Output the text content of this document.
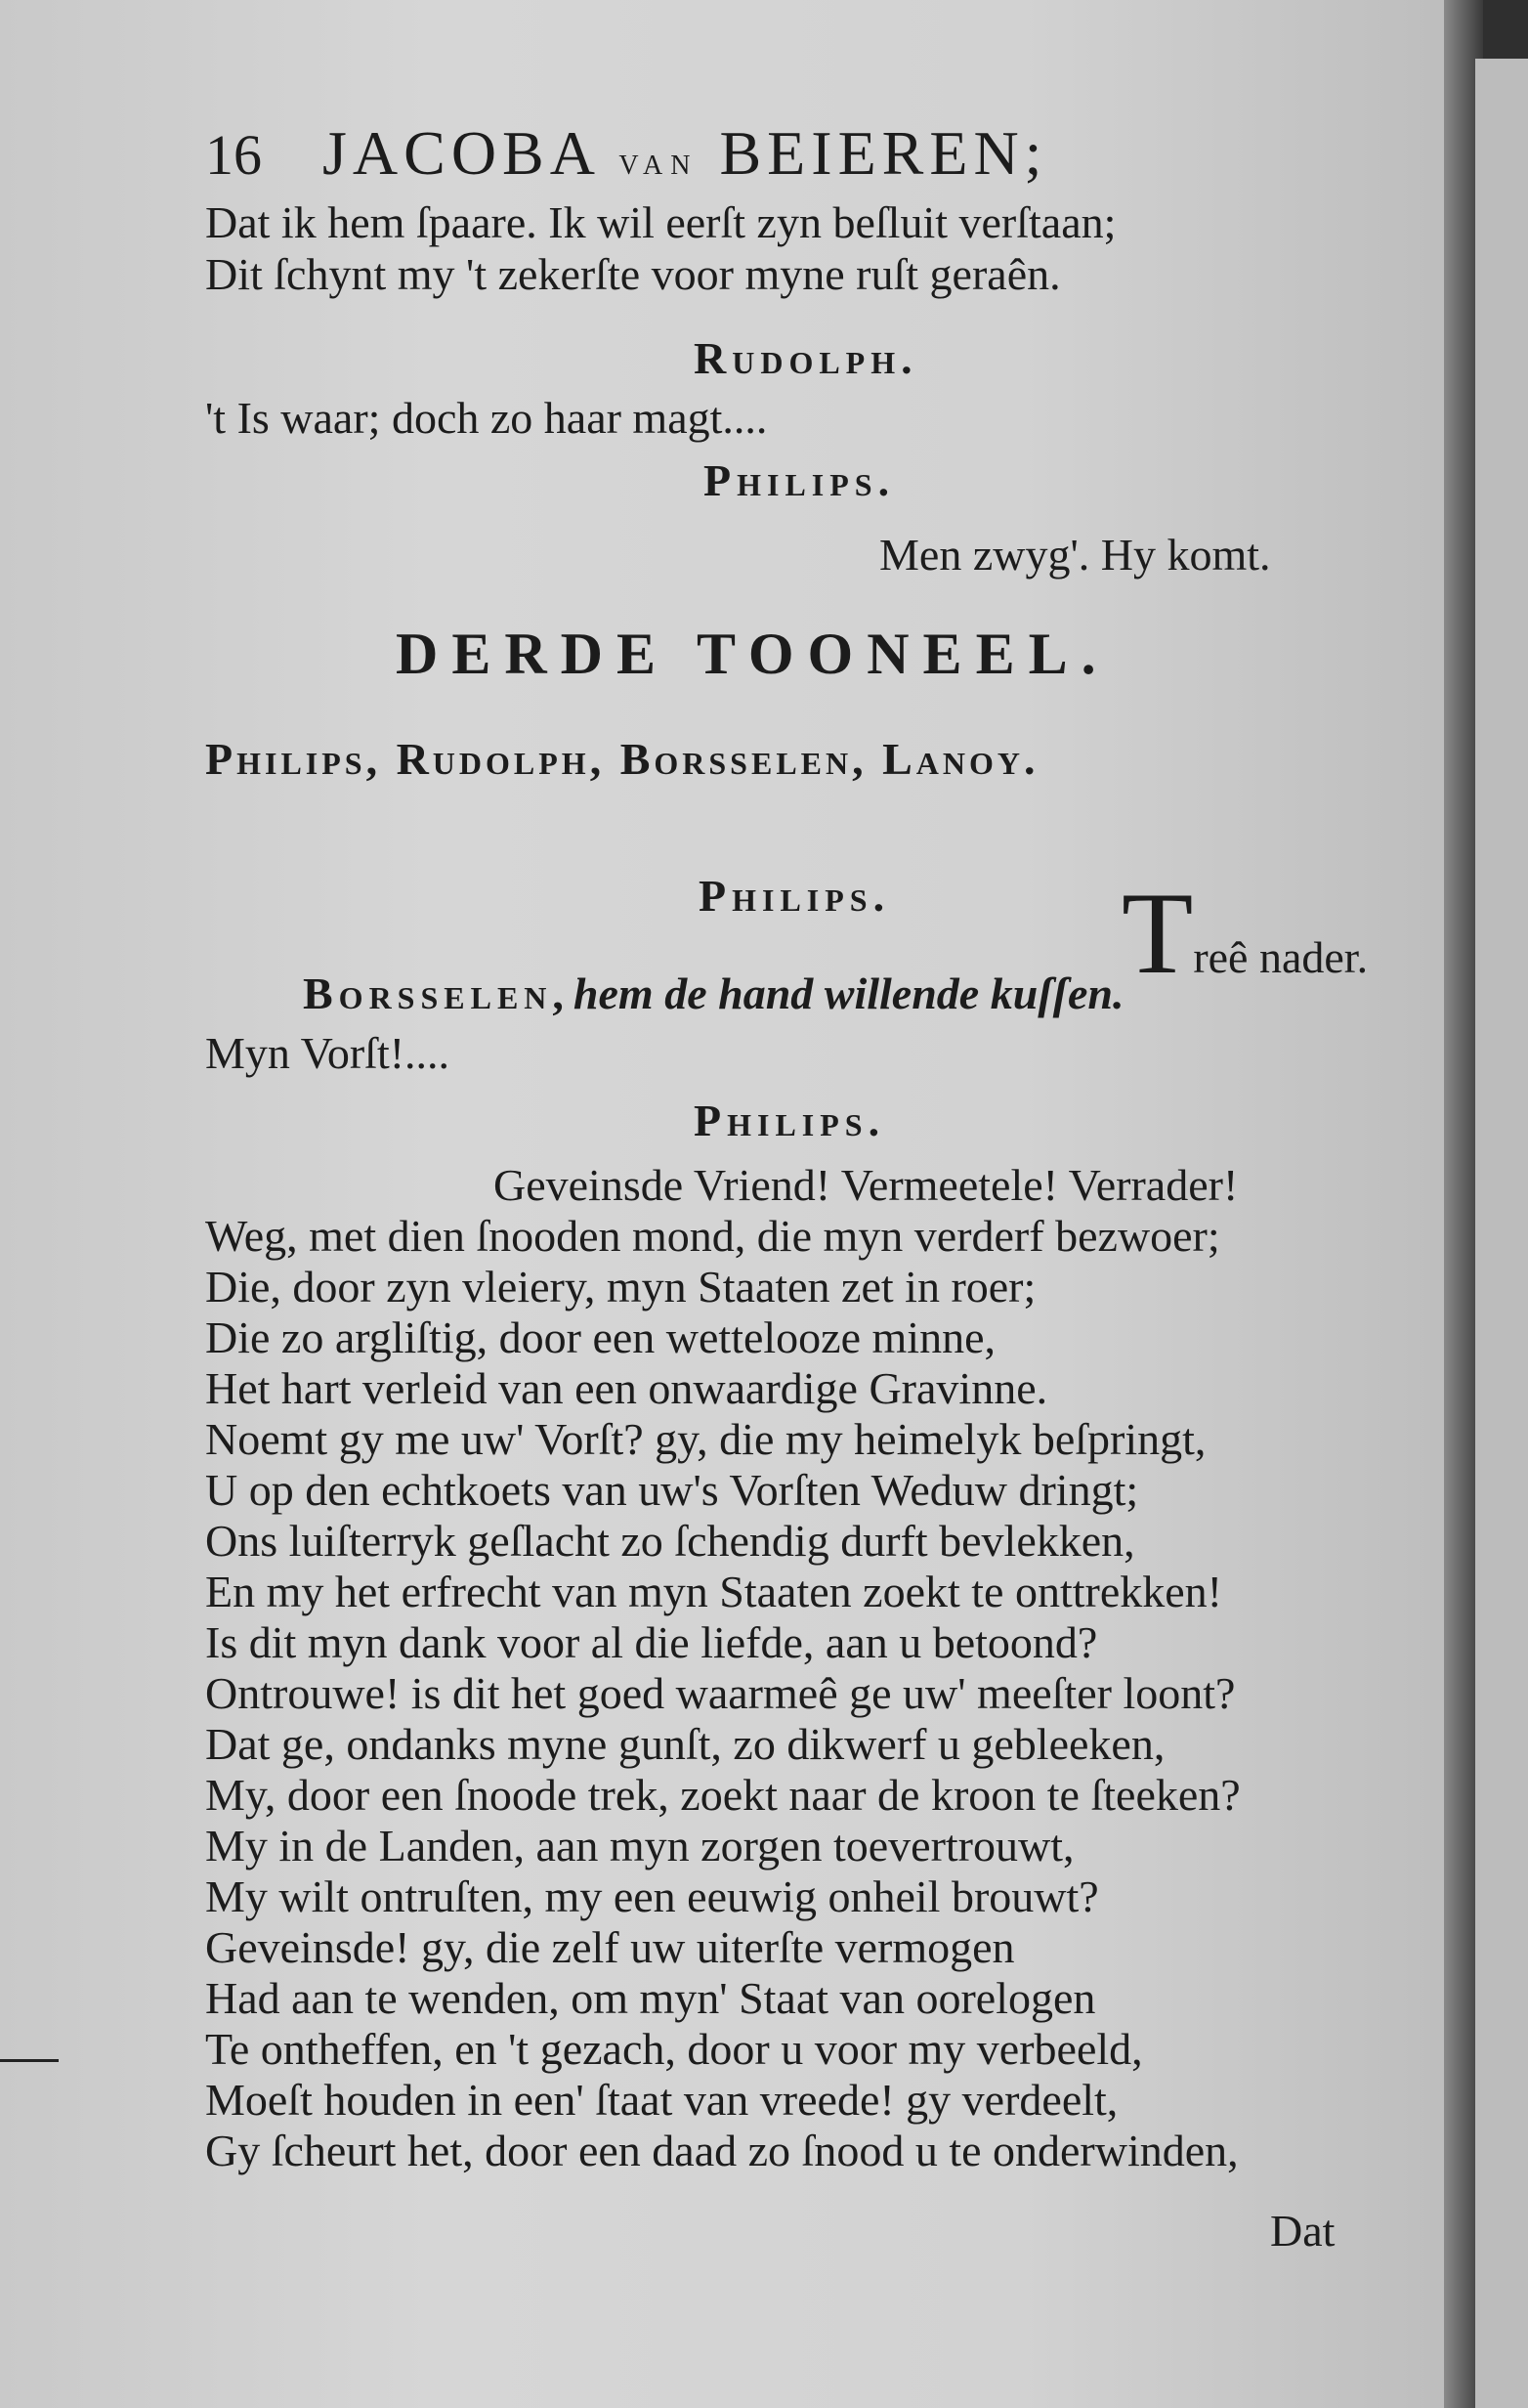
16 JACOBA van BEIEREN;
Dat ik hem ſpaare. Ik wil eerſt zyn beſluit verſtaan;
Dit ſchynt my 't zekerſte voor myne ruſt geraên.
Rudolph.
't Is waar; doch zo haar magt....
Philips.
Men zwyg'. Hy komt.
DERDE TOONEEL.
Philips, Rudolph, Borsselen, Lanoy.
Philips. Treê nader.
Borsselen, hem de hand willende kuſſen.
Myn Vorſt!....
Philips.
Geveinsde Vriend! Vermeetele! Verrader!
Weg, met dien ſnooden mond, die myn verderf bezwoer;
Die, door zyn vleiery, myn Staaten zet in roer;
Die zo argliſtig, door een wettelooze minne,
Het hart verleid van een onwaardige Gravinne.
Noemt gy me uw' Vorſt? gy, die my heimelyk beſpringt,
U op den echtkoets van uw's Vorſten Weduw dringt;
Ons luiſterryk geſlacht zo ſchendig durft bevlekken,
En my het erfrecht van myn Staaten zoekt te onttrekken!
Is dit myn dank voor al die liefde, aan u betoond?
Ontrouwe! is dit het goed waarmeê ge uw' meeſter loont?
Dat ge, ondanks myne gunſt, zo dikwerf u gebleeken,
My, door een ſnoode trek, zoekt naar de kroon te ſteeken?
My in de Landen, aan myn zorgen toevertrouwt,
My wilt ontruſten, my een eeuwig onheil brouwt?
Geveinsde! gy, die zelf uw uiterſte vermogen
Had aan te wenden, om myn' Staat van oorelogen
Te ontheffen, en 't gezach, door u voor my verbeeld,
Moeſt houden in een' ſtaat van vreede! gy verdeelt,
Gy ſcheurt het, door een daad zo ſnood u te onderwinden,
Dat
